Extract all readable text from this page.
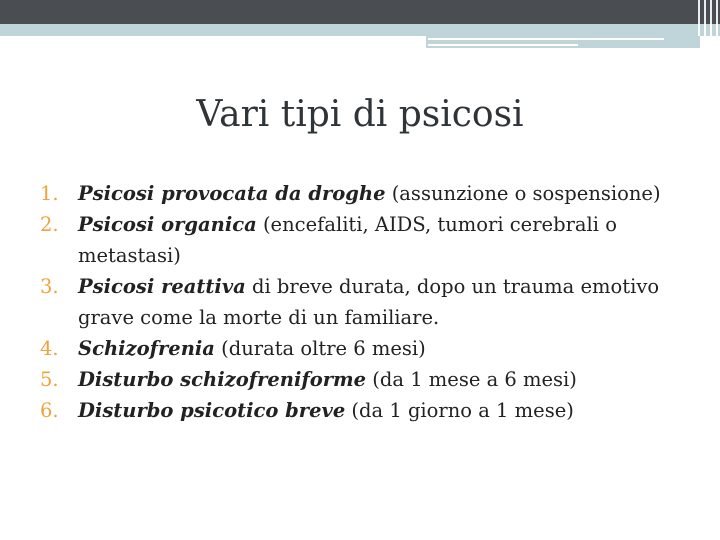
Vari tipi di psicosi
1. Psicosi provocata da droghe (assunzione o sospensione)
2. Psicosi organica (encefaliti, AIDS, tumori cerebrali o metastasi)
3. Psicosi reattiva di breve durata, dopo un trauma emotivo grave come la morte di un familiare.
4. Schizofrenia (durata oltre 6 mesi)
5. Disturbo schizofreniforme (da 1 mese a 6 mesi)
6. Disturbo psicotico breve (da 1 giorno a 1 mese)
